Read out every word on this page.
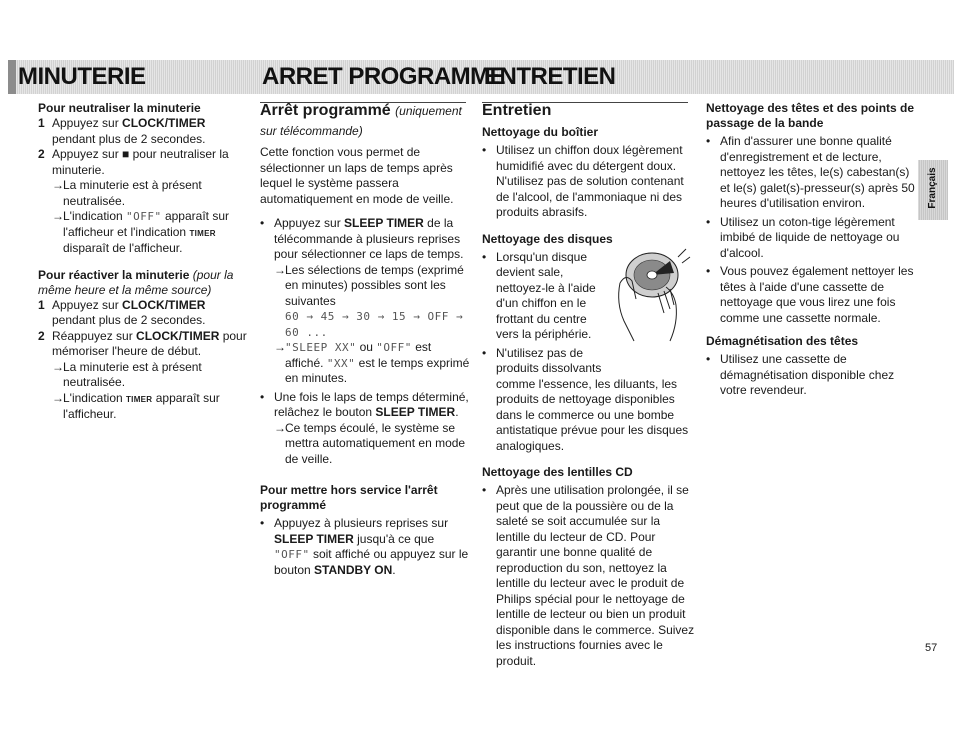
MINUTERIE	ARRET PROGRAMME
ENTRETIEN

Pour neutraliser la minuterie

1 Appuyez sur CLOCK/TIMER pendant plus de 2 secondes.
2 Appuyez sur ■ pour neutraliser la minuterie.
→ La minuterie est à présent neutralisée.
→ L'indication "OFF" apparaît sur l'afficheur et l'indication TIMER disparaît de l'afficheur.

Pour réactiver la minuterie (pour la même heure et la même source)

1 Appuyez sur CLOCK/TIMER pendant plus de 2 secondes.
2 Réappuyez sur CLOCK/TIMER pour mémoriser l'heure de début.
→ La minuterie est à présent neutralisée.
→ L'indication TIMER apparaît sur l'afficheur.

Arrêt programmé (uniquement sur télécommande)

Cette fonction vous permet de sélectionner un laps de temps après lequel le système passera automatiquement en mode de veille.

• Appuyez sur SLEEP TIMER de la télécommande à plusieurs reprises pour sélectionner ce laps de temps.
→ Les sélections de temps (exprimé en minutes) possibles sont les suivantes
60 → 45 → 30 → 15 → OFF →
60 ...
→ "SLEEP XX" ou "OFF" est affiché. "XX" est le temps exprimé en minutes.
• Une fois le laps de temps déterminé, relâchez le bouton SLEEP TIMER.
→ Ce temps écoulé, le système se mettra automatiquement en mode de veille.

Pour mettre hors service l'arrêt programmé

• Appuyez à plusieurs reprises sur SLEEP TIMER jusqu'à ce que "OFF" soit affiché ou appuyez sur le bouton STANDBY ON.

Entretien

Nettoyage du boîtier

• Utilisez un chiffon doux légèrement humidifié avec du détergent doux. N'utilisez pas de solution contenant de l'alcool, de l'ammoniaque ni des produits abrasifs.

Nettoyage des disques

• Lorsqu'un disque devient sale, nettoyez-le à l'aide d'un chiffon en le frottant du centre vers la périphérie.
• N'utilisez pas de produits dissolvants
comme l'essence, les diluants, les produits de nettoyage disponibles dans le commerce ou une bombe antistatique prévue pour les disques analogiques.

Nettoyage des lentilles CD

• Après une utilisation prolongée, il se peut que de la poussière ou de la saleté se soit accumulée sur la lentille du lecteur de CD. Pour garantir une bonne qualité de reproduction du son, nettoyez la lentille du lecteur avec le produit de Philips spécial pour le nettoyage de lentille de lecteur ou bien un produit disponible dans le commerce. Suivez les instructions fournies avec le produit.

Nettoyage des têtes et des points de passage de la bande

• Afin d'assurer une bonne qualité d'enregistrement et de lecture, nettoyez les têtes, le(s) cabestan(s) et le(s) galet(s)-presseur(s) après 50 heures d'utilisation environ.
• Utilisez un coton-tige légèrement imbibé de liquide de nettoyage ou d'alcool.
• Vous pouvez également nettoyer les têtes à l'aide d'une cassette de nettoyage que vous lirez une fois comme une cassette normale.

Démagnétisation des têtes

• Utilisez une cassette de démagnétisation disponible chez votre revendeur.
Français
57
